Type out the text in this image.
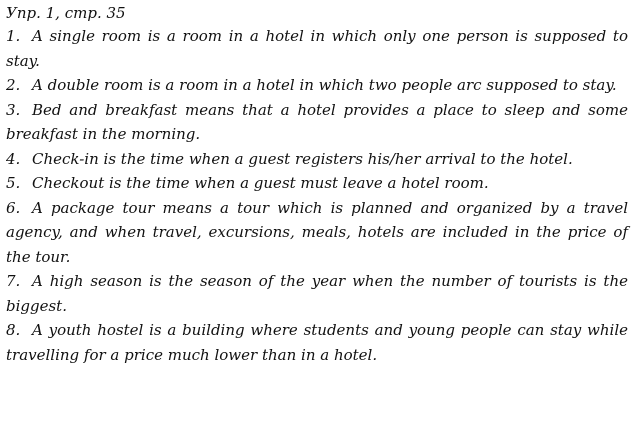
Упр. 1, стр. 35
1. A single room is a room in a hotel in which only one person is supposed to stay.
2. A double room is a room in a hotel in which two people arc supposed to stay.
3. Bed and breakfast means that a hotel provides a place to sleep and some breakfast in the morning.
4. Check-in is the time when a guest registers his/her arrival to the hotel.
5. Checkout is the time when a guest must leave a hotel room.
6. A package tour means a tour which is planned and organized by a travel agency, and when travel, excursions, meals, hotels are included in the price of the tour.
7. A high season is the season of the year when the number of tourists is the biggest.
8. A youth hostel is a building where students and young people can stay while travelling for a price much lower than in a hotel.
